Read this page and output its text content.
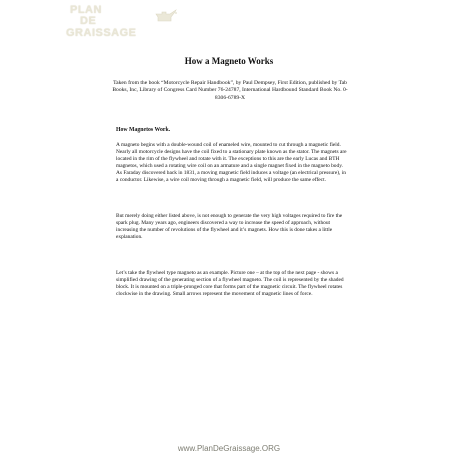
PLAN
DE
GRAISSAGE
How a Magneto Works
Taken from the book “Motorcycle Repair Handbook”, by Paul Dempsey, First Edition, published by Tab Books, Inc, Library of Congress Card Number 76-24787, International Hardbound Standard Book No. 0-8306-6789-X
How Magnetos Work.
A magneto begins with a double-wound coil of enameled wire, mounted to cut through a magnetic field. Nearly all motorcycle designs have the coil fixed to a stationary plate known as the stator. The magnets are located in the rim of the flywheel and rotate with it. The exceptions to this are the early Lucas and BTH magnetos, which used a rotating wire coil on an armature and a single magnet fixed in the magneto body. As Faraday discovered back in 1831, a moving magnetic field induces a voltage (an electrical pressure), in a conductor. Likewise, a wire coil moving through a magnetic field, will produce the same effect.
But merely doing either listed above, is not enough to generate the very high voltages required to fire the spark plug. Many years ago, engineers discovered a way to increase the speed of approach, without increasing the number of revolutions of the flywheel and it’s magnets. How this is done takes a little explanation.
Let’s take the flywheel type magneto as an example. Picture one – at the top of the next page - shows a simplified drawing of the generating section of a flywheel magneto. The coil is represented by the shaded block. It is mounted on a triple-pronged core that forms part of the magnetic circuit. The flywheel rotates clockwise in the drawing. Small arrows represent the movement of magnetic lines of force.
www.PlanDeGraissage.ORG
